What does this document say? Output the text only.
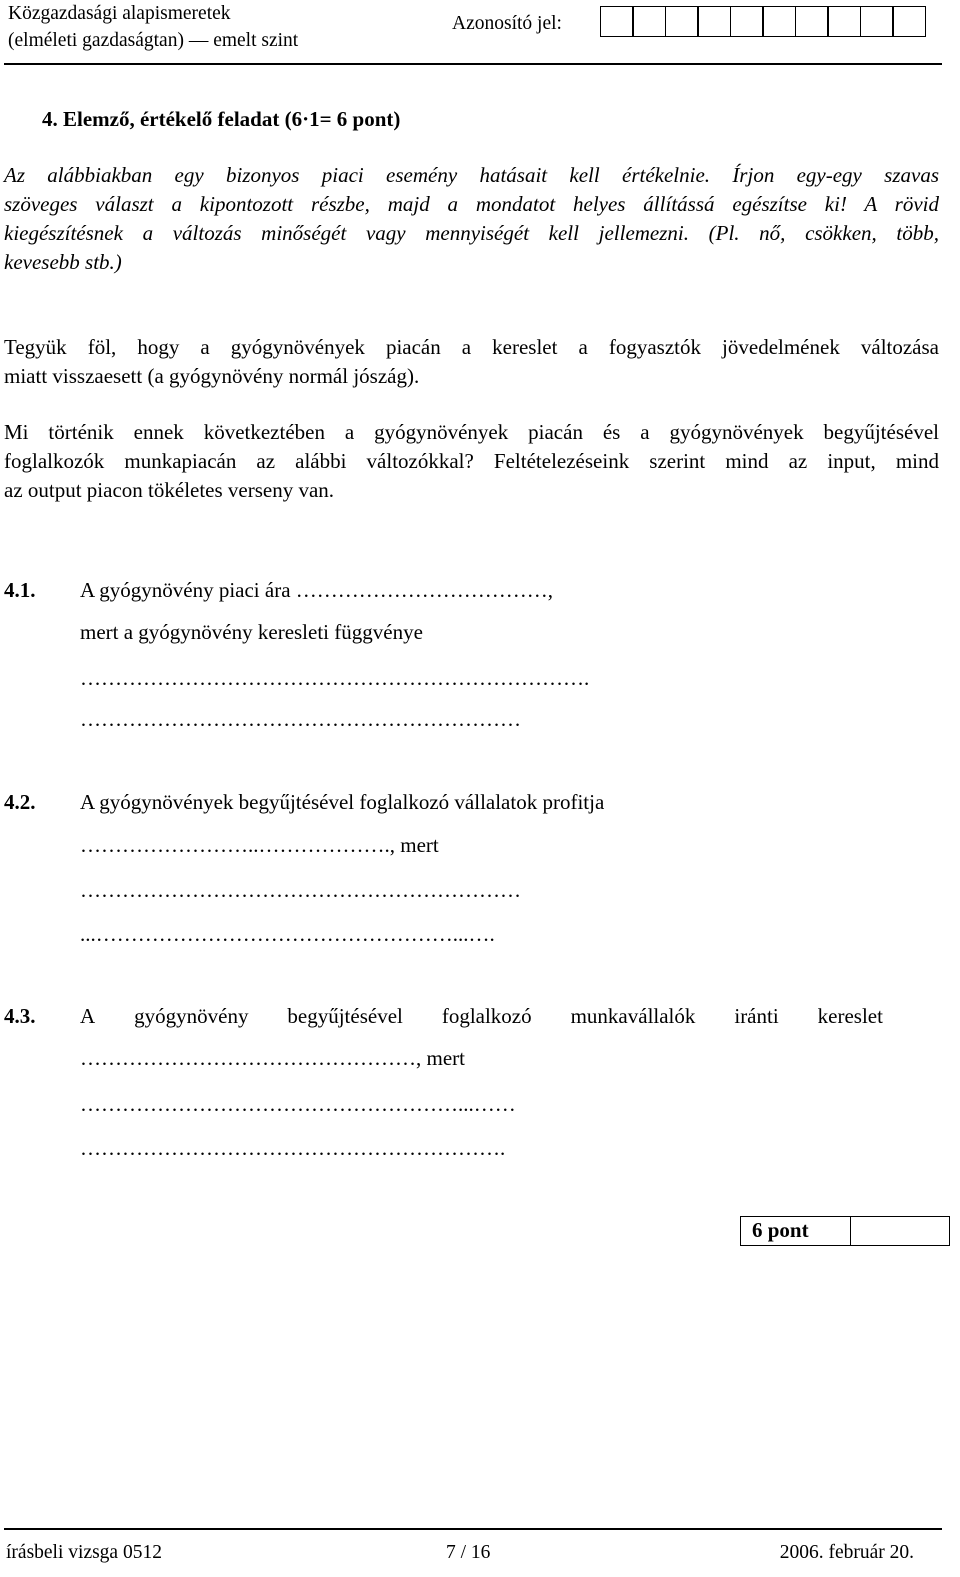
Közgazdasági alapismeretek
(elméleti gazdaságtan) — emelt szint
Azonosító jel:
4. Elemző, értékelő feladat (6·1= 6 pont)
Az alábbiakban egy bizonyos piaci esemény hatásait kell értékelnie. Írjon egy-egy szavas
szöveges választ a kipontozott részbe, majd a mondatot helyes állítássá egészítse ki! A rövid
kiegészítésnek a változás minőségét vagy mennyiségét kell jellemezni. (Pl. nő, csökken, több,
kevesebb stb.)
Tegyük föl, hogy a gyógynövények piacán a kereslet a fogyasztók jövedelmének változása
miatt visszaesett (a gyógynövény normál jószág).
Mi történik ennek következtében a gyógynövények piacán és a gyógynövények begyűjtésével
foglalkozók munkapiacán az alábbi változókkal? Feltételezéseink szerint mind az input, mind
az output piacon tökéletes verseny van.
4.1. A gyógynövény piaci ára ………………………………,
mert a gyógynövény keresleti függvénye
……………………………………………………………….
………………………………………………………
4.2. A gyógynövények begyűjtésével foglalkozó vállalatok profitja
……………………..………………., mert
………………………………………………………
...……………………………………………...….
4.3. A gyógynövény begyűjtésével foglalkozó munkavállalók iránti kereslet
…………………………………………, mert
………………………………………………...……
…………………………………………………….
6 pont
írásbeli vizsga 0512	7 / 16	2006. február 20.
